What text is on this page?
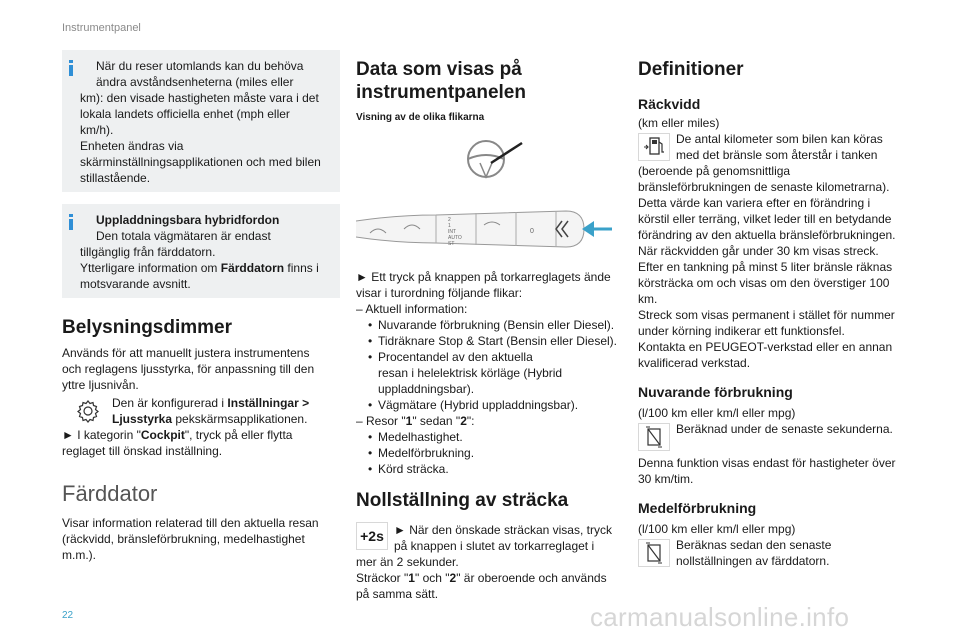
Instrumentpanel
När du reser utomlands kan du behöva
ändra avståndsenheterna (miles eller
km): den visade hastigheten måste vara i det
lokala landets officiella enhet (mph eller
km/h).
Enheten ändras via
skärminställningsapplikationen och med bilen
stillastående.
Uppladdningsbara hybridfordon
Den totala vägmätaren är endast
tillgänglig från färddatorn.
Ytterligare information om Färddatorn finns i
motsvarande avsnitt.
Belysningsdimmer
Används för att manuellt justera instrumentens
och reglagens ljusstyrka, för anpassning till den
yttre ljusnivån.
Den är konfigurerad i Inställningar >
Ljusstyrka pekskärmsapplikationen.
► I kategorin "Cockpit", tryck på eller flytta
reglaget till önskad inställning.
Färddator
Visar information relaterad till den aktuella resan
(räckvidd, bränsleförbrukning, medelhastighet
m.m.).
Data som visas på
instrumentpanelen
Visning av de olika flikarna
0
2
1
INT
AUTO
ST
► Ett tryck på knappen på torkarreglagets ände
visar i turordning följande flikar:
– Aktuell information:
• Nuvarande förbrukning (Bensin eller Diesel).
• Tidräknare Stop & Start (Bensin eller Diesel).
• Procentandel av den aktuella
resan i helelektrisk körläge (Hybrid
uppladdningsbar).
• Vägmätare (Hybrid uppladdningsbar).
– Resor "1" sedan "2":
• Medelhastighet.
• Medelförbrukning.
• Körd sträcka.
Nollställning av sträcka
+2s ► När den önskade sträckan visas, tryck
på knappen i slutet av torkarreglaget i
mer än 2 sekunder.
Sträckor "1" och "2" är oberoende och används
på samma sätt.
Definitioner
Räckvidd
(km eller miles)
De antal kilometer som bilen kan köras
med det bränsle som återstår i tanken
(beroende på genomsnittliga
bränsleförbrukningen de senaste kilometrarna).
Detta värde kan variera efter en förändring i
körstil eller terräng, vilket leder till en betydande
förändring av den aktuella bränsleförbrukningen.
När räckvidden går under 30 km visas streck.
Efter en tankning på minst 5 liter bränsle räknas
körsträcka om och visas om den överstiger 100
km.
Streck som visas permanent i stället för nummer
under körning indikerar ett funktionsfel.
Kontakta en PEUGEOT-verkstad eller en annan
kvalificerad verkstad.
Nuvarande förbrukning
(l/100 km eller km/l eller mpg)
Beräknad under de senaste sekunderna.
Denna funktion visas endast för hastigheter över
30 km/tim.
Medelförbrukning
(l/100 km eller km/l eller mpg)
Beräknas sedan den senaste
nollställningen av färddatorn.
22	carmanualsonline.info
